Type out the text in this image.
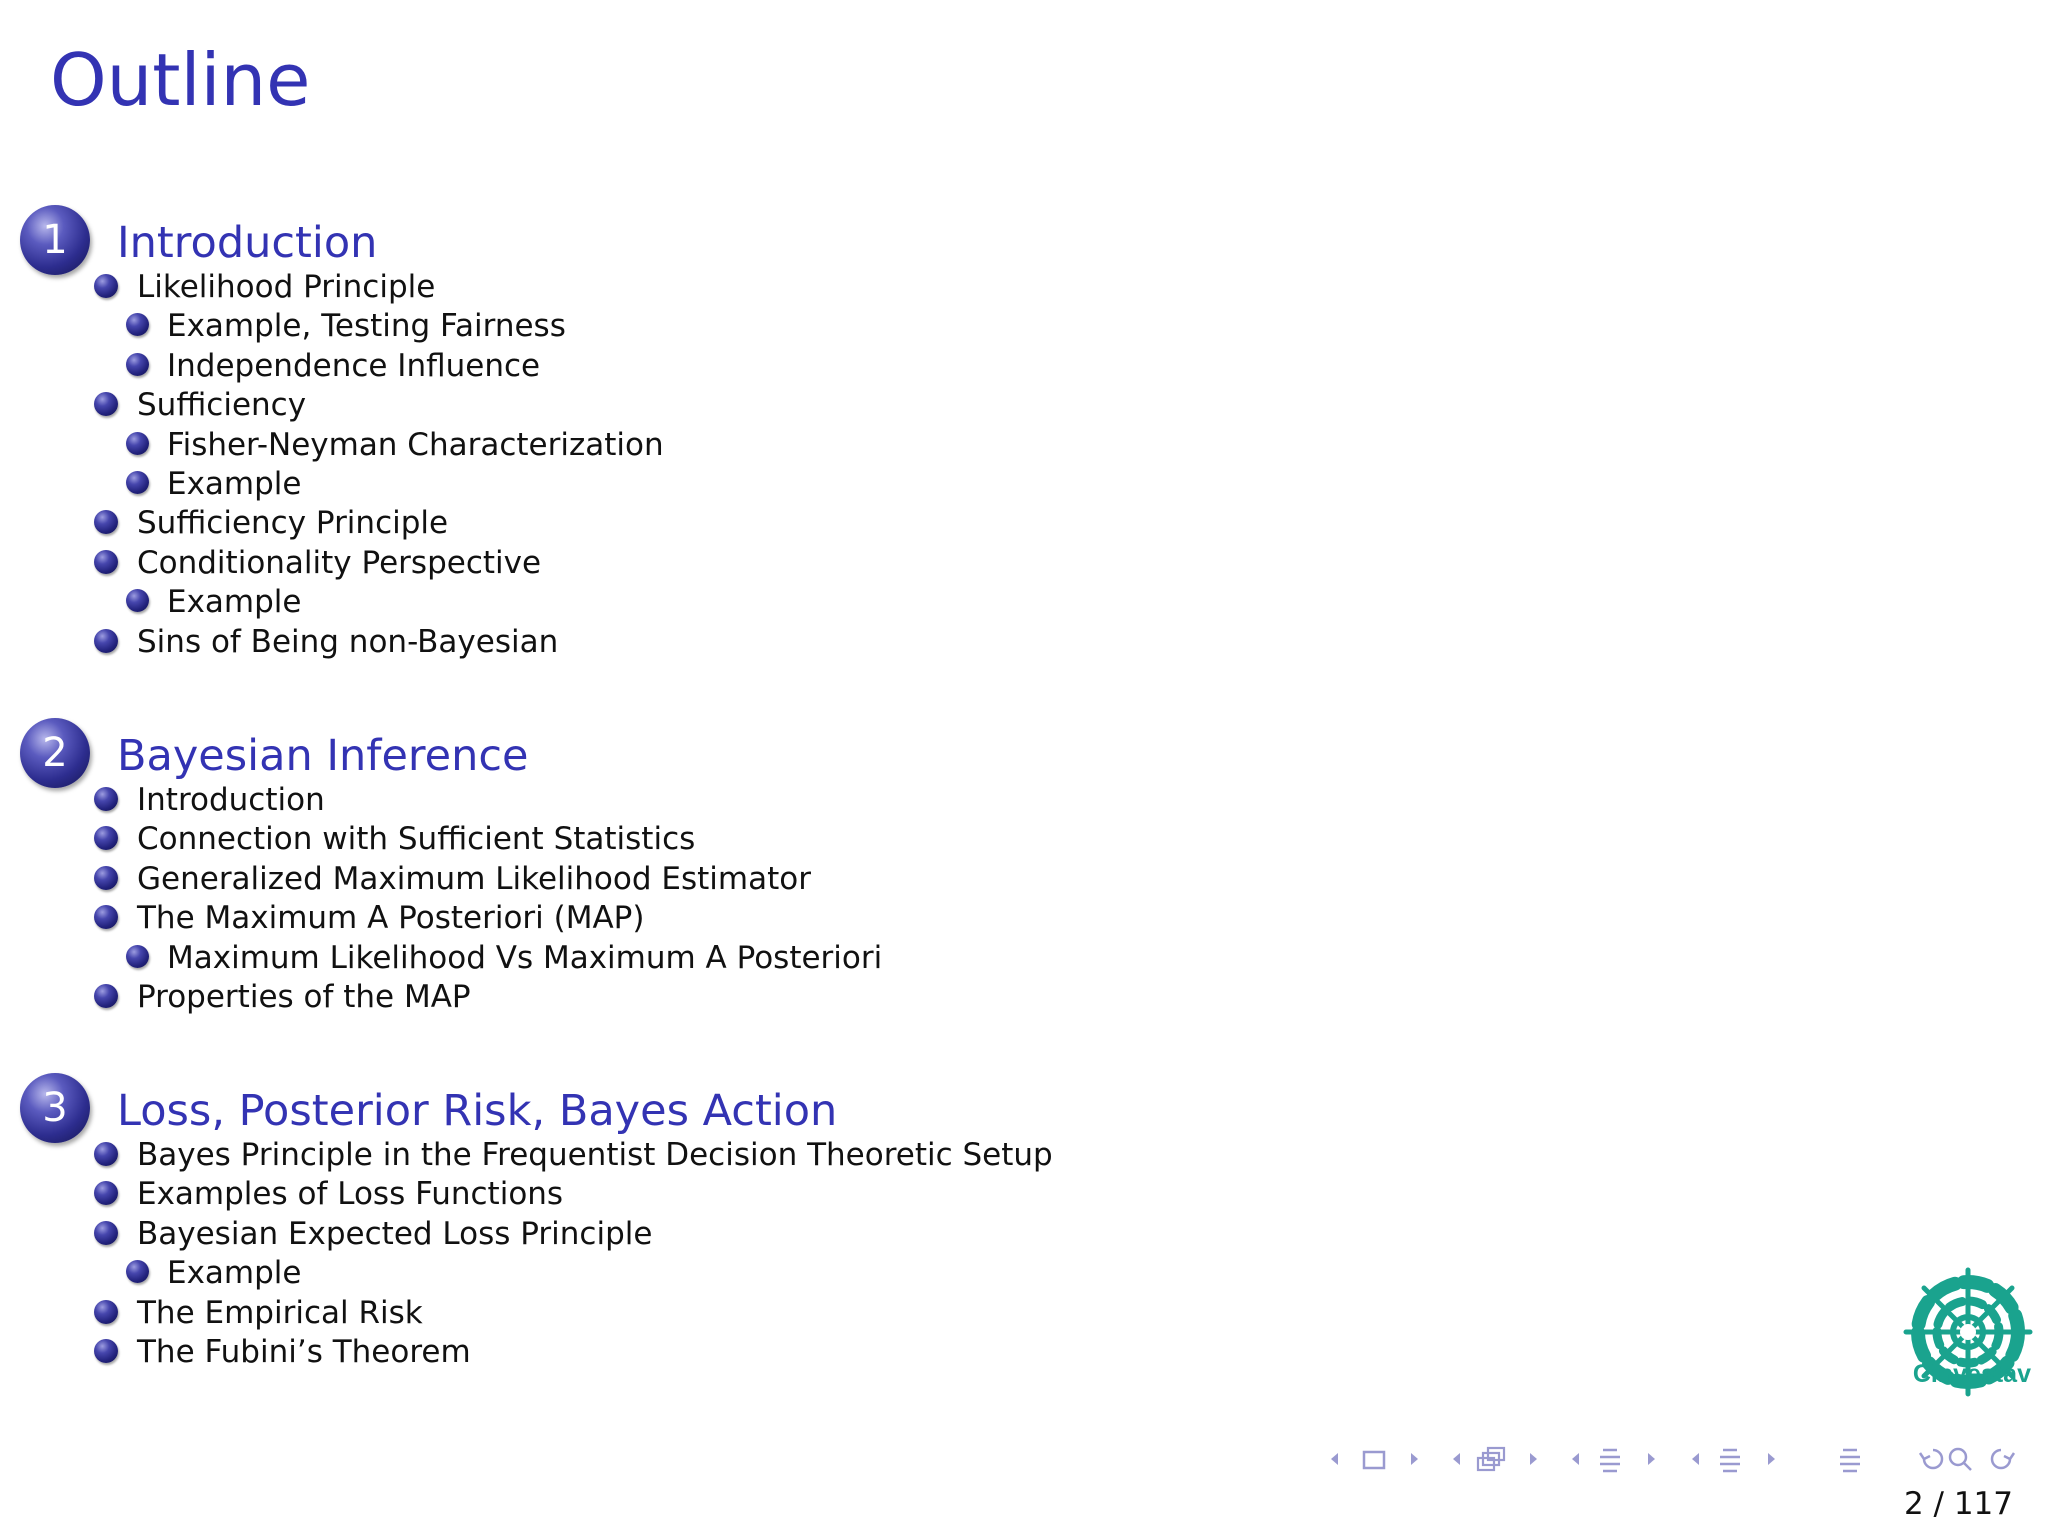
Outline
1	Introduction
Likelihood Principle
Example, Testing Fairness
Independence Influence
Sufficiency
Fisher-Neyman Characterization
Example
Sufficiency Principle
Conditionality Perspective
Example
Sins of Being non-Bayesian
2	Bayesian Inference
Introduction
Connection with Sufficient Statistics
Generalized Maximum Likelihood Estimator
The Maximum A Posteriori (MAP)
Maximum Likelihood Vs Maximum A Posteriori
Properties of the MAP
3	Loss, Posterior Risk, Bayes Action
Bayes Principle in the Frequentist Decision Theoretic Setup
Examples of Loss Functions
Bayesian Expected Loss Principle
Example
The Empirical Risk
The Fubini’s Theorem
Cinvestav
2 / 117
